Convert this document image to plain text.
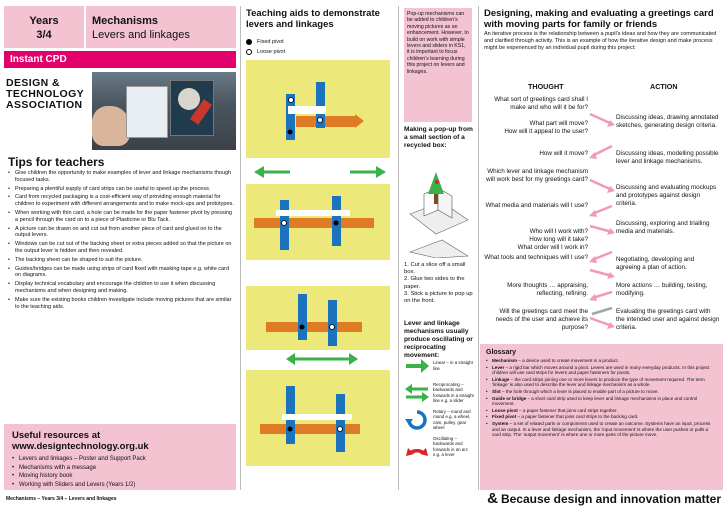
Years
3/4
Mechanisms
Levers and linkages
Instant CPD
DESIGN &
TECHNOLOGY
ASSOCIATION
Tips for teachers
• Give children the opportunity to make examples of lever and linkage mechanisms though focused tasks.
• Preparing a plentiful supply of card strips can be useful to speed up the process.
• Card from recycled packaging is a cost-efficient way of providing enough material for children to experiment with different arrangements and to make mock-ups and prototypes.
• When working with thin card, a hole can be made for the paper fastener pivot by pressing a pencil through the card on to a piece of Plasticine or Blu Tack.
• A picture can be drawn on and cut out from another piece of card and glued on to the output levers.
• Windows can be cut out of the backing sheet or extra pieces added so that the picture on the output lever is hidden and then revealed.
• The backing sheet can be shaped to suit the picture.
• Guides/bridges can be made using strips of card fixed with masking tape e.g. white card on diagrams.
• Display technical vocabulary and encourage the children to use it when discussing mechanisms and when designing and making.
• Make sure the existing books children investigate include moving pictures that are similar to the teaching aids.
Useful resources at
www.designtechnology.org.uk
• Levers and linkages – Poster and Support Pack
• Mechanisms with a message
• Moving history book
• Working with Sliders and Levers (Years 1/2)
Teaching aids to demonstrate
levers and linkages
Fixed pivot
Loose pivot
Pop-up mechanisms can be added to children’s moving pictures as an enhancement. However, to build on work with simple levers and sliders in KS1, it is important to focus children’s learning during this project on levers and linkages.
Making a pop-up from a small section of a recycled box:
1. Cut a slice off a small box.
2. Glue two sides to the paper.
3. Stick a picture to pop up on the front.
Lever and linkage mechanisms usually produce oscillating or reciprocating movement:
Linear – in a straight line
Reciprocating – backwards and forwards in a straight line e.g. a slider
Rotary – round and round e.g. a wheel, cam, pulley, gear wheel
Oscillating – backwards and forwards in an arc e.g. a lever
Designing, making and evaluating a greetings card
with moving parts for family or friends
An iterative process is the relationship between a pupil’s ideas and how they are communicated and clarified through activity. This is an example of how the iterative design and make process might be experienced by an individual pupil during this project:
THOUGHT	ACTION
What sort of greetings card shall I make and who will it be for?
What part will move?
How will it appeal to the user?
How will it move?
Which lever and linkage mechanism will work best for my greetings card?
What media and materials will I use?
Who will I work with?
How long will it take?
What order will I work in?
What tools and techniques will I use?
More thoughts … appraising, reflecting, refining.
Will the greetings card meet the needs of the user and achieve its purpose?
Discussing ideas, drawing annotated sketches, generating design criteria.
Discussing ideas, modelling possible lever and linkage mechanisms.
Discussing and evaluating mockups and prototypes against design criteria.
Discussing, exploring and trialling media and materials.
Negotiating, developing and agreeing a plan of action.
More actions … building, testing, modifying.
Evaluating the greetings card with the intended user and against design criteria.
Glossary
• Mechanism – a device used to create movement in a product.
• Lever – a rigid bar which moves around a pivot. Levers are used in many everyday products. In this project children will use card strips for levers and paper fasteners for pivots.
• Linkage – the card strips joining one or more levers to produce the type of movement required. The term ‘linkage’ is also used to describe the lever and linkage mechanism as a whole.
• Slot – the hole through which a lever is placed to enable part of a picture to move.
• Guide or bridge – a short card strip used to keep lever and linkage mechanisms in place and control movement.
• Loose pivot – a paper fastener that joins card strips together.
• Fixed pivot – a paper fastener that joins card strips to the backing card.
• System – a set of related parts or components used to create an outcome. Systems have an input, process and an output. In a lever and linkage mechanism, the ‘input movement’ is where the user pushes or pulls a card strip. The ‘output movement’ is where one or more parts of the picture move.
Mechanisms – Years 3/4 – Levers and linkages	& Because design and innovation matter
